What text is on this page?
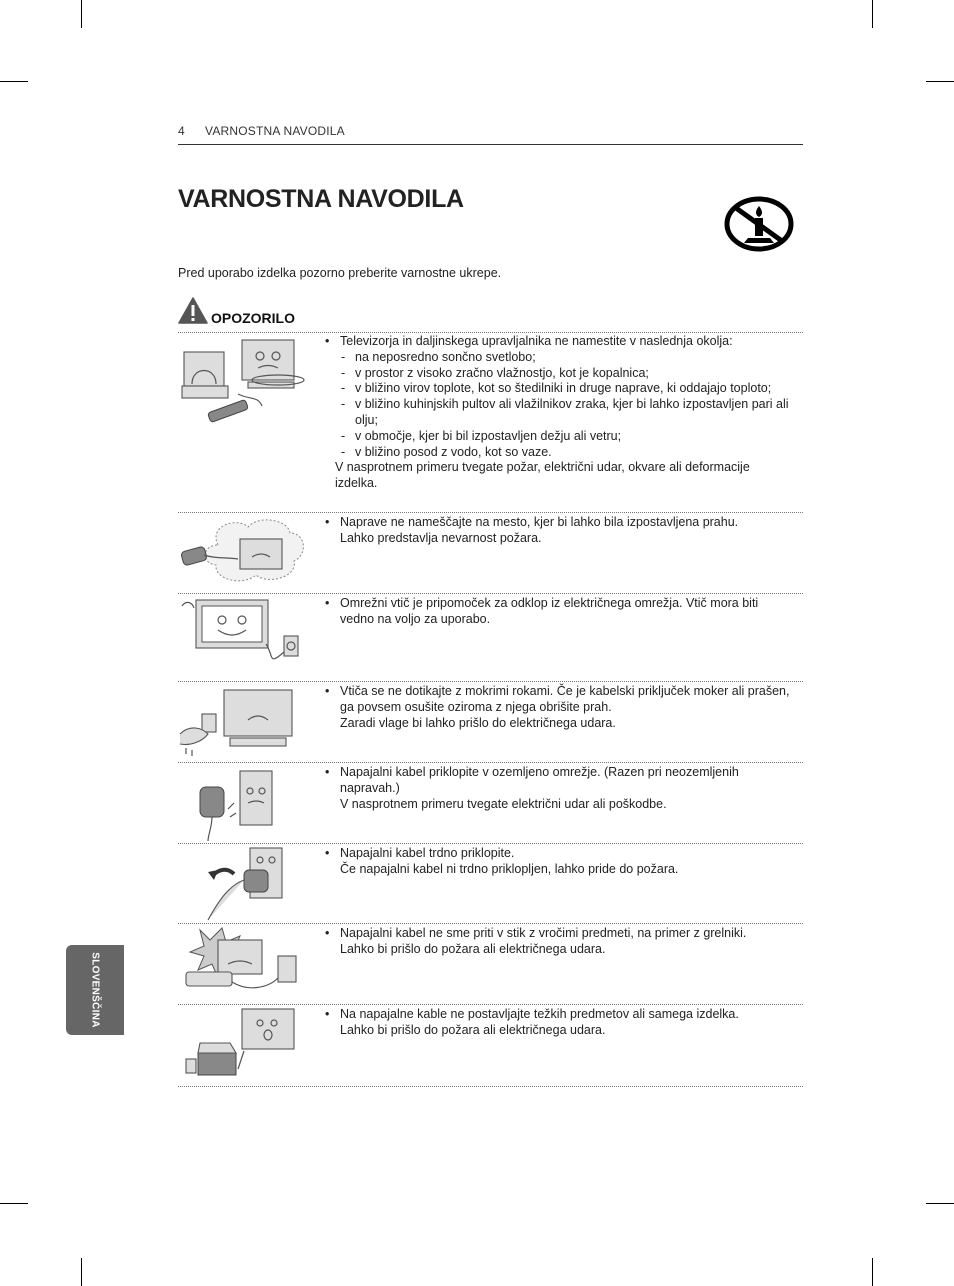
4 VARNOSTNA NAVODILA
VARNOSTNA NAVODILA
Pred uporabo izdelka pozorno preberite varnostne ukrepe.
OPOZORILO
• Televizorja in daljinskega upravljalnika ne namestite v naslednja okolja:
- na neposredno sončno svetlobo;
- v prostor z visoko zračno vlažnostjo, kot je kopalnica;
- v bližino virov toplote, kot so štedilniki in druge naprave, ki oddajajo toploto;
- v bližino kuhinjskih pultov ali vlažilnikov zraka, kjer bi lahko izpostavljen pari ali olju;
- v območje, kjer bi bil izpostavljen dežju ali vetru;
- v bližino posod z vodo, kot so vaze.
V nasprotnem primeru tvegate požar, električni udar, okvare ali deformacije izdelka.
• Naprave ne nameščajte na mesto, kjer bi lahko bila izpostavljena prahu.
Lahko predstavlja nevarnost požara.
• Omrežni vtič je pripomoček za odklop iz električnega omrežja. Vtič mora biti vedno na voljo za uporabo.
• Vtiča se ne dotikajte z mokrimi rokami. Če je kabelski priključek moker ali prašen, ga povsem osušite oziroma z njega obrišite prah.
Zaradi vlage bi lahko prišlo do električnega udara.
• Napajalni kabel priklopite v ozemljeno omrežje. (Razen pri neozemljenih napravah.)
V nasprotnem primeru tvegate električni udar ali poškodbe.
• Napajalni kabel trdno priklopite.
Če napajalni kabel ni trdno priklopljen, lahko pride do požara.
• Napajalni kabel ne sme priti v stik z vročimi predmeti, na primer z grelniki.
Lahko bi prišlo do požara ali električnega udara.
• Na napajalne kable ne postavljajte težkih predmetov ali samega izdelka.
Lahko bi prišlo do požara ali električnega udara.
SLOVENŠČINA
